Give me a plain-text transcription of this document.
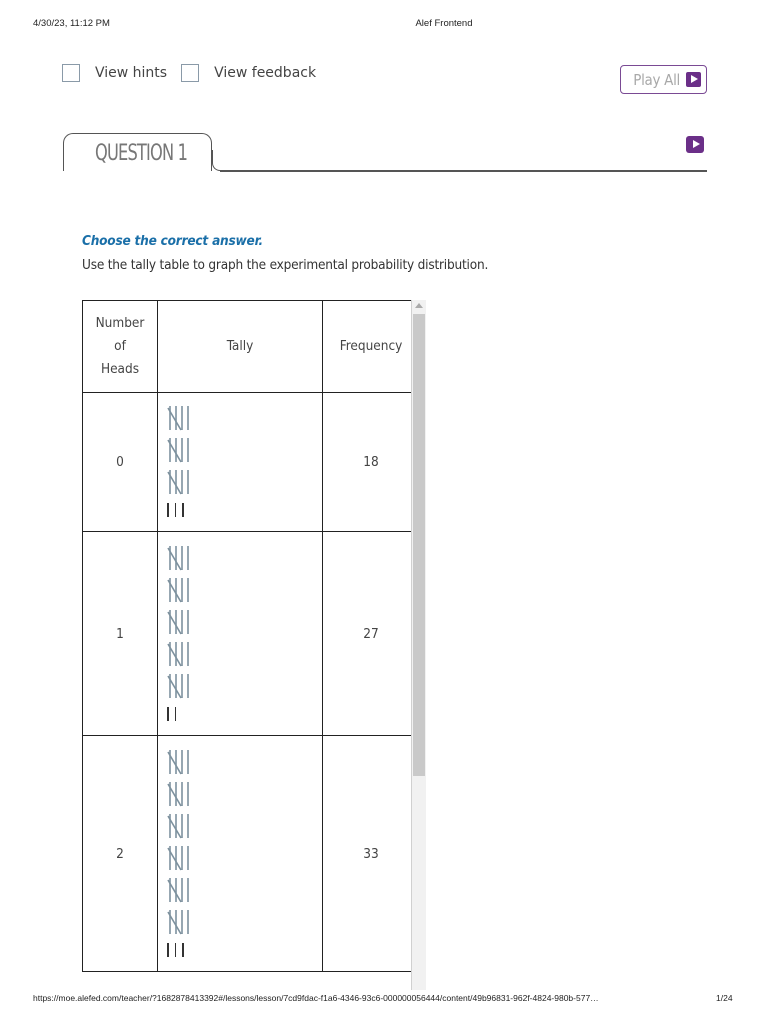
4/30/23, 11:12 PM	Alef Frontend
View hints	View feedback	Play All
QUESTION 1
Choose the correct answer.
Use the tally table to graph the experimental probability distribution.
Number
of
Heads	Tally	Frequency
0		18
1		27
2		33
https://moe.alefed.com/teacher/?1682878413392#/lessons/lesson/7cd9fdac-f1a6-4346-93c6-000000056444/content/49b96831-962f-4824-980b-577…	1/24
